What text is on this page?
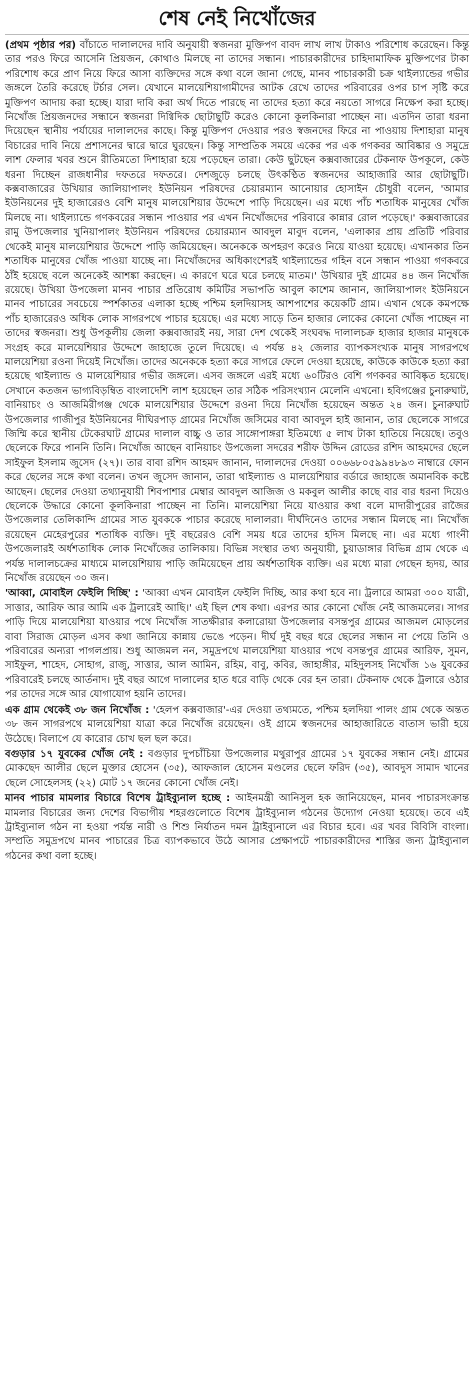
শেষ নেই নিখোঁজের

(প্রথম পৃষ্ঠার পর) বাঁচাতে দালালদের দাবি অনুযায়ী স্বজনরা মুক্তিপণ বাবদ লাখ লাখ টাকাও পরিশোধ করেছেন। কিন্তু তার পরও ফিরে আসেনি প্রিয়জন, কোথাও মিলছে না তাদের সন্ধান। পাচারকারীদের চাহিদামাফিক মুক্তিপণের টাকা পরিশোধ করে প্রাণ নিয়ে ফিরে আসা ব্যক্তিদের সঙ্গে কথা বলে জানা গেছে, মানব পাচারকারী চক্র থাইল্যান্ডের গভীর জঙ্গলে তৈরি করেছে টর্চার সেল। যেখানে মালয়েশিয়াগামীদের আটক রেখে তাদের পরিবারের ওপর চাপ সৃষ্টি করে মুক্তিপণ আদায় করা হচ্ছে। যারা দাবি করা অর্থ দিতে পারছে না তাদের হত্যা করে নয়তো সাগরে নিক্ষেপ করা হচ্ছে। নিখোঁজ প্রিয়জনদের সন্ধানে স্বজনরা দিগ্বিদিক ছোটাছুটি করেও কোনো কূলকিনারা পাচ্ছেন না। এতদিন তারা ধরনা দিয়েছেন স্থানীয় পর্যায়ের দালালদের কাছে। কিন্তু মুক্তিপণ দেওয়ার পরও স্বজনদের ফিরে না পাওয়ায় দিশাহারা মানুষ বিচারের দাবি নিয়ে প্রশাসনের দ্বারে দ্বারে ঘুরছেন। কিন্তু সাম্প্রতিক সময়ে একের পর এক গণকবর আবিষ্কার ও সমুদ্রে লাশ ফেলার খবর শুনে রীতিমতো দিশাহারা হয়ে পড়েছেন তারা। কেউ ছুটছেন কক্সবাজারের টেকনাফ উপকূলে, কেউ ধরনা দিচ্ছেন রাজধানীর দফতরে দফতরে। দেশজুড়ে চলছে উৎকণ্ঠিত স্বজনদের আহাজারি আর ছোটাছুটি। কক্সবাজারের উখিয়ার জালিয়াপালং ইউনিয়ন পরিষদের চেয়ারম্যান আনোয়ার হোসাইন চৌধুরী বলেন, 'আমার ইউনিয়নের দুই হাজারেরও বেশি মানুষ মালয়েশিয়ার উদ্দেশে পাড়ি দিয়েছেন। এর মধ্যে পাঁচ শতাধিক মানুষের খোঁজ মিলছে না। থাইল্যান্ডে গণকবরের সন্ধান পাওয়ার পর এখন নিখোঁজদের পরিবারে কান্নার রোল পড়েছে।' কক্সবাজারের রামু উপজেলার খুনিয়াপালং ইউনিয়ন পরিষদের চেয়ারম্যান আবদুল মাবুদ বলেন, 'এলাকার প্রায় প্রতিটি পরিবার থেকেই মানুষ মালয়েশিয়ার উদ্দেশে পাড়ি জমিয়েছেন। অনেককে অপহরণ করেও নিয়ে যাওয়া হয়েছে। এখানকার তিন শতাধিক মানুষের খোঁজ পাওয়া যাচ্ছে না। নিখোঁজদের অধিকাংশেরই থাইল্যান্ডের গহিন বনে সন্ধান পাওয়া গণকবরে ঠাঁই হয়েছে বলে অনেকেই আশঙ্কা করছেন। এ কারণে ঘরে ঘরে চলছে মাতম।' উখিয়ার দুই গ্রামের ৪৪ জন নিখোঁজ রয়েছে। উখিয়া উপজেলা মানব পাচার প্রতিরোধ কমিটির সভাপতি আবুল কাশেম জানান, জালিয়াপালং ইউনিয়নে মানব পাচারের সবচেয়ে স্পর্শকাতর এলাকা হচ্ছে পশ্চিম হলদিয়াসহ আশপাশের কয়েকটি গ্রাম। এখান থেকে কমপক্ষে পাঁচ হাজারেরও অধিক লোক সাগরপথে পাচার হয়েছে। এর মধ্যে সাড়ে তিন হাজার লোকের কোনো খোঁজ পাচ্ছেন না তাদের স্বজনরা। শুধু উপকূলীয় জেলা কক্সবাজারই নয়, সারা দেশ থেকেই সংঘবদ্ধ দালালচক্র হাজার হাজার মানুষকে সংগ্রহ করে মালয়েশিয়ার উদ্দেশে জাহাজে তুলে দিয়েছে। এ পর্যন্ত ৪২ জেলার ব্যাপকসংখ্যক মানুষ সাগরপথে মালয়েশিয়া রওনা দিয়েই নিখোঁজ। তাদের অনেককে হত্যা করে সাগরে ফেলে দেওয়া হয়েছে, কাউকে কাউকে হত্যা করা হয়েছে থাইল্যান্ড ও মালয়েশিয়ার গভীর জঙ্গলে। এসব জঙ্গলে এরই মধ্যে ৬০টিরও বেশি গণকবর আবিষ্কৃত হয়েছে। সেখানে কতজন ভাগ্যবিড়ম্বিত বাংলাদেশি লাশ হয়েছেন তার সঠিক পরিসংখ্যান মেলেনি এখনো। হবিগঞ্জের চুনারুঘাট, বানিয়াচং ও আজমিরীগঞ্জ থেকে মালয়েশিয়ার উদ্দেশে রওনা দিয়ে নিখোঁজ হয়েছেন অন্তত ২৪ জন। চুনারুঘাট উপজেলার গাজীপুর ইউনিয়নের দীঘিরপাড় গ্রামের নিখোঁজ জসিমের বাবা আবদুল হাই জানান, তার ছেলেকে সাগরে জিম্মি করে স্থানীয় টেকেরঘাট গ্রামের দালাল বাচ্চু ও তার সাঙ্গোপাঙ্গরা ইতিমধ্যে ৫ লাখ টাকা হাতিয়ে নিয়েছে। তবুও ছেলেকে ফিরে পাননি তিনি। নিখোঁজ আছেন বানিয়াচং উপজেলা সদরের শরীফ উদ্দিন রোডের রশিদ আহমদের ছেলে সাইফুল ইসলাম জুসেদ (২৭)। তার বাবা রশিদ আহমদ জানান, দালালদের দেওয়া ০০৬৬৮০৫৯৯৪৮৯৩ নাম্বারে ফোন করে ছেলের সঙ্গে কথা বলেন। তখন জুসেদ জানান, তারা থাইল্যান্ড ও মালয়েশিয়ার বর্ডারে জাহাজে অমানবিক কষ্টে আছেন। ছেলের দেওয়া তথ্যানুযায়ী শিবপাশার মেম্বার আবদুল আজিজ ও মকবুল আলীর কাছে বার বার ধরনা দিয়েও ছেলেকে উদ্ধারে কোনো কূলকিনারা পাচ্ছেন না তিনি। মালয়েশিয়া নিয়ে যাওয়ার কথা বলে মাদারীপুরের রাজৈর উপজেলার তেলিকান্দি গ্রামের সাত যুবককে পাচার করেছে দালালরা। দীর্ঘদিনেও তাদের সন্ধান মিলছে না। নিখোঁজ রয়েছেন মেহেরপুরের শতাধিক ব্যক্তি। দুই বছরেরও বেশি সময় ধরে তাদের হদিস মিলছে না। এর মধ্যে গাংনী উপজেলারই অর্ধশতাধিক লোক নিখোঁজের তালিকায়। বিভিন্ন সংস্থার তথ্য অনুযায়ী, চুয়াডাঙ্গার বিভিন্ন গ্রাম থেকে এ পর্যন্ত দালালচক্রের মাধ্যমে মালয়েশিয়ায় পাড়ি জমিয়েছেন প্রায় অর্ধশতাধিক ব্যক্তি। এর মধ্যে মারা গেছেন হৃদয়, আর নিখোঁজ রয়েছেন ৩০ জন।

'আব্বা, মোবাইল ফেইলি দিচ্ছি' : 'আব্বা এখন মোবাইল ফেইলি দিচ্ছি, আর কথা হবে না। ট্রলারে আমরা ৩০০ যাত্রী, সাত্তার, আরিফ আর আমি এক ট্রলারেই আছি।' এই ছিল শেষ কথা। এরপর আর কোনো খোঁজ নেই আজমলের। সাগর পাড়ি দিয়ে মালয়েশিয়া যাওয়ার পথে নিখোঁজ সাতক্ষীরার কলারোয়া উপজেলার বসন্তপুর গ্রামের আজমল মোড়লের বাবা সিরাজ মোড়ল এসব কথা জানিয়ে কান্নায় ভেঙে পড়েন। দীর্ঘ দুই বছর ধরে ছেলের সন্ধান না পেয়ে তিনি ও পরিবারের অন্যরা পাগলপ্রায়। শুধু আজমল নন, সমুদ্রপথে মালয়েশিয়া যাওয়ার পথে বসন্তপুর গ্রামের আরিফ, সুমন, সাইফুল, শাহেদ, সোহাগ, রাজু, সাত্তার, আল আমিন, রহিম, বাবু, কবির, জাহাঙ্গীর, মহিদুলসহ নিখোঁজ ১৬ যুবকের পরিবারেই চলছে আর্তনাদ। দুই বছর আগে দালালের হাত ধরে বাড়ি থেকে বের হন তারা। টেকনাফ থেকে ট্রলারে ওঠার পর তাদের সঙ্গে আর যোগাযোগ হয়নি তাদের।

এক গ্রাম থেকেই ৩৮ জন নিখোঁজ : 'হেলপ কক্সবাজার'-এর দেওয়া তথ্যমতে, পশ্চিম হলদিয়া পালং গ্রাম থেকে অন্তত ৩৮ জন সাগরপথে মালয়েশিয়া যাত্রা করে নিখোঁজ রয়েছেন। ওই গ্রামে স্বজনদের আহাজারিতে বাতাস ভারী হয়ে উঠেছে। বিলাপে যে কারোর চোখ ছল ছল করে।

বগুড়ার ১৭ যুবকের খোঁজ নেই : বগুড়ার দুপচাঁচিয়া উপজেলার মথুরাপুর গ্রামের ১৭ যুবকের সন্ধান নেই। গ্রামের মোকছেদ আলীর ছেলে মুক্তার হোসেন (৩৫), আফজাল হোসেন মণ্ডলের ছেলে ফরিদ (৩৫), আবদুস সামাদ খানের ছেলে সোহেলসহ (২২) মোট ১৭ জনের কোনো খোঁজ নেই।

মানব পাচার মামলার বিচারে বিশেষ ট্রাইব্যুনাল হচ্ছে : আইনমন্ত্রী আনিসুল হক জানিয়েছেন, মানব পাচারসংক্রান্ত মামলার বিচারের জন্য দেশের বিভাগীয় শহরগুলোতে বিশেষ ট্রাইব্যুনাল গঠনের উদ্যোগ নেওয়া হয়েছে। তবে এই ট্রাইব্যুনাল গঠন না হওয়া পর্যন্ত নারী ও শিশু নির্যাতন দমন ট্রাইব্যুনালে এর বিচার হবে। এর খবর বিবিসি বাংলা। সম্প্রতি সমুদ্রপথে মানব পাচারের চিত্র ব্যাপকভাবে উঠে আসার প্রেক্ষাপটে পাচারকারীদের শাস্তির জন্য ট্রাইব্যুনাল গঠনের কথা বলা হচ্ছে।
